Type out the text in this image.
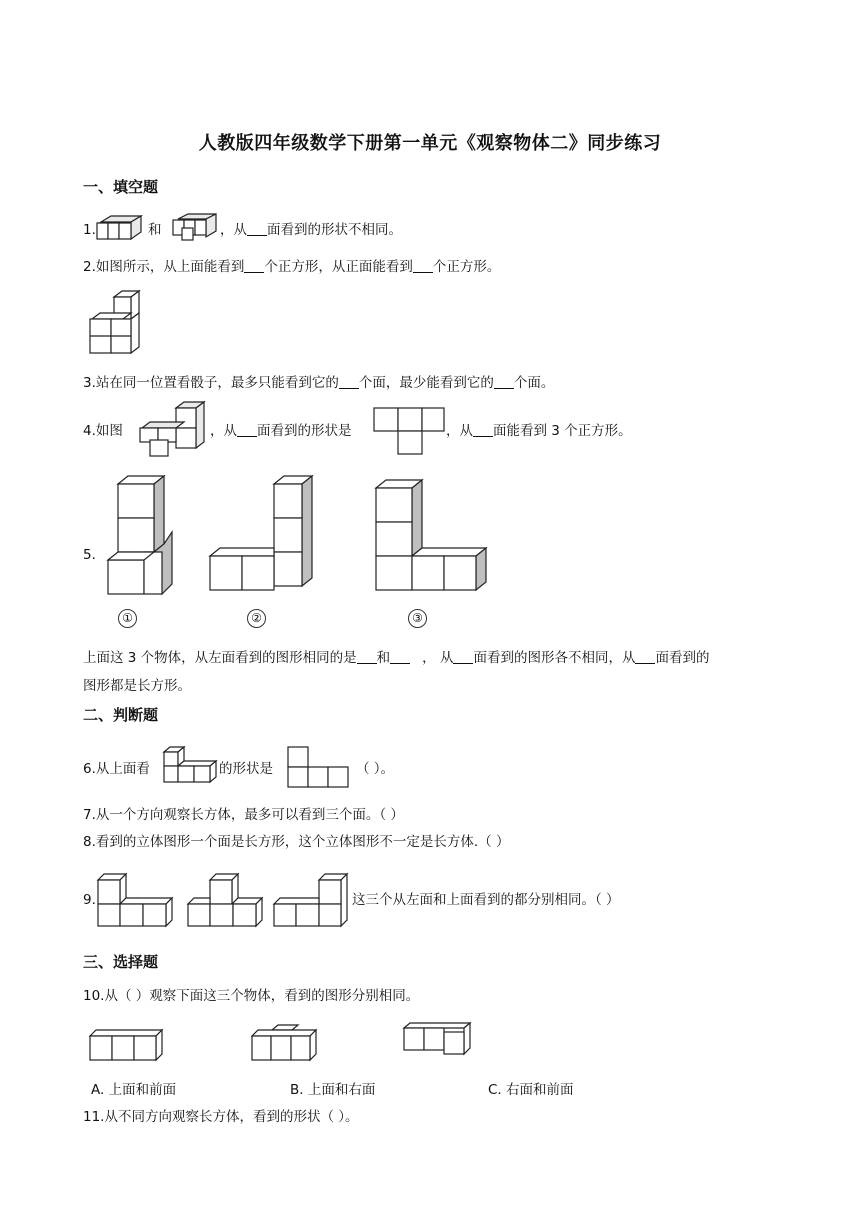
人教版四年级数学下册第一单元《观察物体二》同步练习
一、填空题
1.	和	，从 面看到的形状不相同。
2.如图所示，从上面能看到 个正方形，从正面能看到 个正方形。
3.站在同一位置看骰子，最多只能看到它的 个面，最少能看到它的 个面。
4.如图	，从 面看到的形状是	，从 面能看到 3 个正方形。
5.
①	②	③
上面这 3 个物体，从左面看到的图形相同的是 和 ， 从 面看到的图形各不相同，从 面看到的
图形都是长方形。
二、判断题
6.从上面看	的形状是	（ ）。
7.从一个方向观察长方体，最多可以看到三个面。（ ）
8.看到的立体图形一个面是长方形，这个立体图形不一定是长方体.（ ）
9.	这三个从左面和上面看到的都分别相同。（ ）
三、选择题
10.从（ ）观察下面这三个物体，看到的图形分别相同。
A. 上面和前面	B. 上面和右面	C. 右面和前面
11.从不同方向观察长方体，看到的形状（ ）。
